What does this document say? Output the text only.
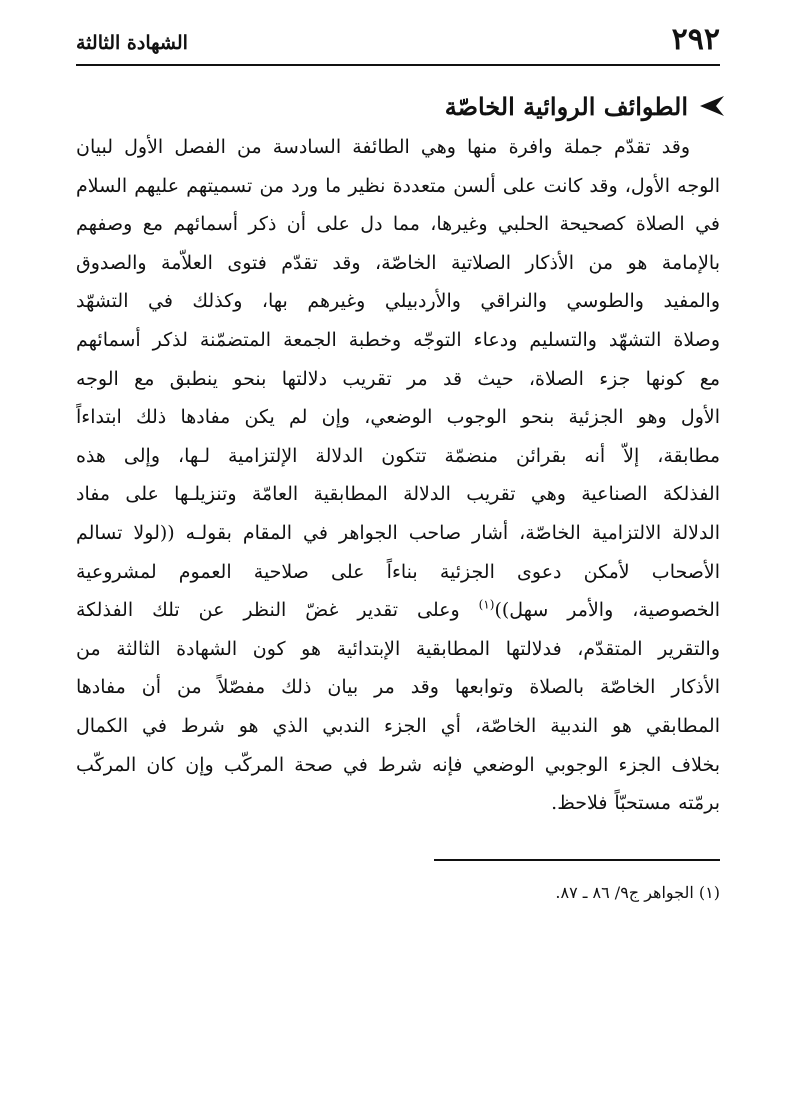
٢٩٢
الشهادة الثالثة
الطوائف الروائية الخاصّة
وقد تقدّم جملة وافرة منها وهي الطائفة السادسة من الفصل الأول لبيان
الوجه الأول، وقد كانت على ألسن متعددة نظير ما ورد من تسميتهم عليهم السلام
في الصلاة كصحيحة الحلبي وغيرها، مما دل على أن ذكر أسمائهم مع وصفهم
بالإمامة هو من الأذكار الصلاتية الخاصّة، وقد تقدّم فتوى العلاّمة والصدوق
والمفيد والطوسي والنراقي والأردبيلي وغيرهم بها، وكذلك في التشهّد
وصلاة التشهّد والتسليم ودعاء التوجّه وخطبة الجمعة المتضمّنة لذكر أسمائهم
مع كونها جزء الصلاة، حيث قد مر تقريب دلالتها بنحو ينطبق مع الوجه
الأول وهو الجزئية بنحو الوجوب الوضعي، وإن لم يكن مفادها ذلك ابتداءاً
مطابقة، إلاّ أنه بقرائن منضمّة تتكون الدلالة الإلتزامية لـها، وإلى هذه
الفذلكة الصناعية وهي تقريب الدلالة المطابقية العامّة وتنزيلـها على مفاد
الدلالة الالتزامية الخاصّة، أشار صاحب الجواهر في المقام بقولـه ((لولا تسالم
الأصحاب لأمكن دعوى الجزئية بناءاً على صلاحية العموم لمشروعية
الخصوصية، والأمر سهل))$^{(١)}$ وعلى تقدير غضّ النظر عن تلك الفذلكة
والتقرير المتقدّم، فدلالتها المطابقية الإبتدائية هو كون الشهادة الثالثة من
الأذكار الخاصّة بالصلاة وتوابعها وقد مر بيان ذلك مفصّلاً من أن مفادها
المطابقي هو الندبية الخاصّة، أي الجزء الندبي الذي هو شرط في الكمال
بخلاف الجزء الوجوبي الوضعي فإنه شرط في صحة المركّب وإن كان المركّب
برمّته مستحبّاً فلاحظ.
(١) الجواهر ج٩/ ٨٦ ـ ٨٧.
